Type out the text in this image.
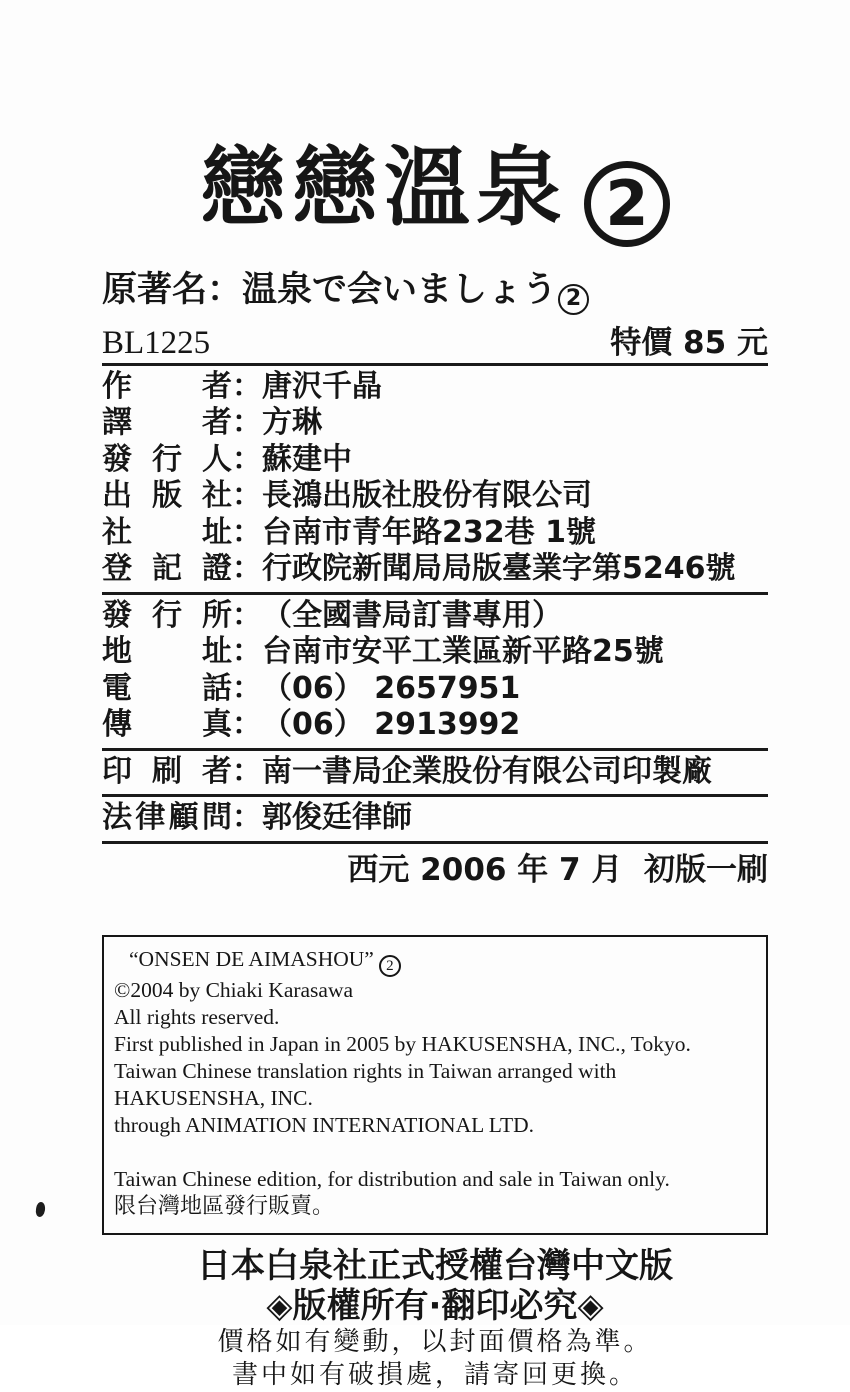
戀戀溫泉 2
原著名：温泉で会いましょう 2
BL1225	特價 85 元
作者 ： 唐沢千晶
譯者 ： 方琳
發行人 ： 蘇建中
出版社 ： 長鴻出版社股份有限公司
社址 ： 台南市青年路232巷 1號
登記證 ： 行政院新聞局局版臺業字第5246號
發行所 ： （全國書局訂書專用）
地址 ： 台南市安平工業區新平路25號
電話 ： （06） 2657951
傳真 ： （06） 2913992
印刷者 ： 南一書局企業股份有限公司印製廠
法律顧問 ： 郭俊廷律師
西元 2006 年 7 月  初版一刷
“ONSEN DE AIMASHOU” 2
©2004 by Chiaki Karasawa
All rights reserved.
First published in Japan in 2005 by HAKUSENSHA, INC., Tokyo.
Taiwan Chinese translation rights in Taiwan arranged with HAKUSENSHA, INC.
through ANIMATION INTERNATIONAL LTD.
Taiwan Chinese edition, for distribution and sale in Taiwan only.
限台灣地區發行販賣。
日本白泉社正式授權台灣中文版
◈版權所有·翻印必究◈
價格如有變動，以封面價格為準。
書中如有破損處，請寄回更換。
